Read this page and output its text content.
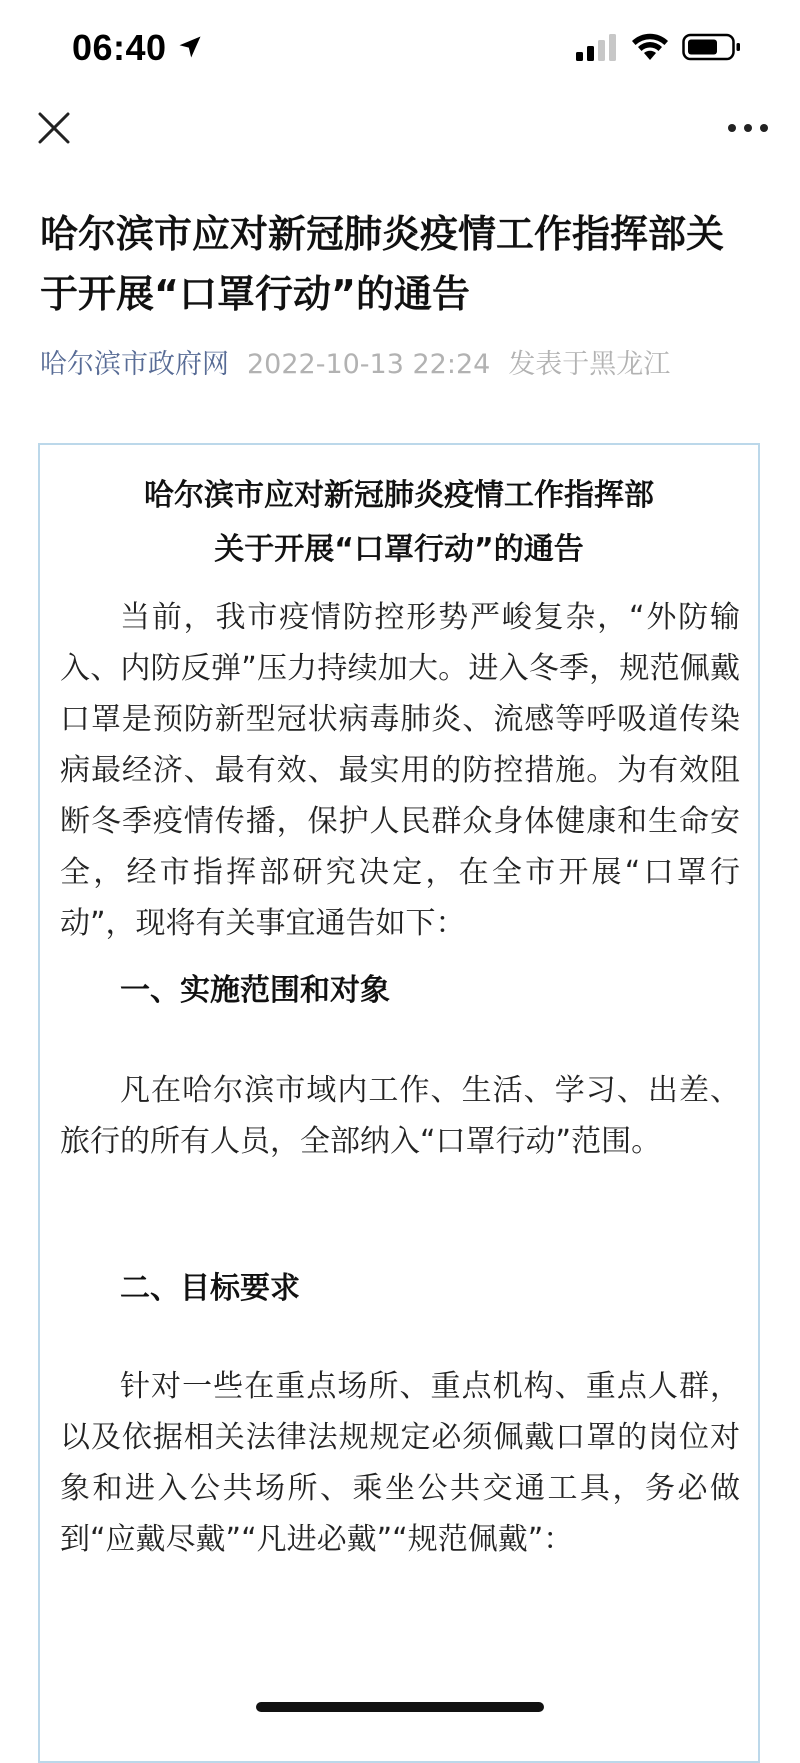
06:40
哈尔滨市应对新冠肺炎疫情工作指挥部关于开展“口罩行动”的通告
哈尔滨市政府网 2022-10-13 22:24 发表于黑龙江
哈尔滨市应对新冠肺炎疫情工作指挥部
关于开展“口罩行动”的通告

当前，我市疫情防控形势严峻复杂，“外防输入、内防反弹”压力持续加大。进入冬季，规范佩戴口罩是预防新型冠状病毒肺炎、流感等呼吸道传染病最经济、最有效、最实用的防控措施。为有效阻断冬季疫情传播，保护人民群众身体健康和生命安全，经市指挥部研究决定，在全市开展“口罩行动”，现将有关事宜通告如下：

一、实施范围和对象

凡在哈尔滨市域内工作、生活、学习、出差、旅行的所有人员，全部纳入“口罩行动”范围。

二、目标要求

针对一些在重点场所、重点机构、重点人群，以及依据相关法律法规规定必须佩戴口罩的岗位对象和进入公共场所、乘坐公共交通工具，务必做到“应戴尽戴”“凡进必戴”“规范佩戴”：
